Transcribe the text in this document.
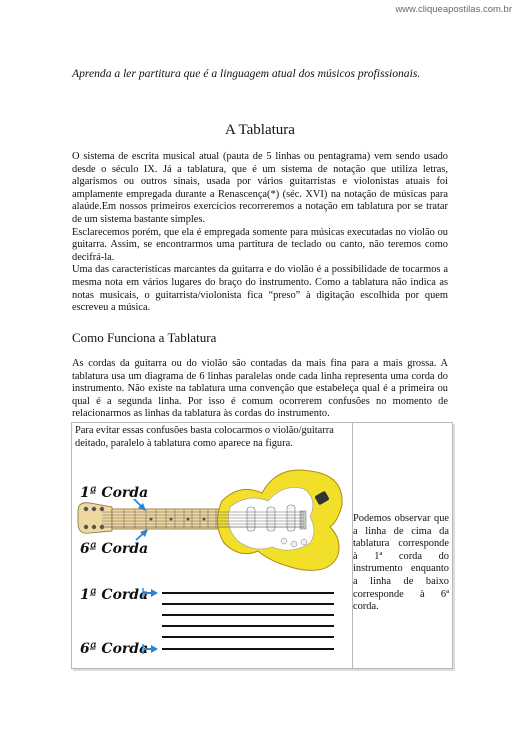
www.cliqueapostilas.com.br
Aprenda a ler partitura que é a linguagem atual dos músicos profissionais.
A Tablatura

O sistema de escrita musical atual (pauta de 5 linhas ou pentagrama) vem sendo usado desde o século IX. Já a tablatura, que é um sistema de notação que utiliza letras, algarismos ou outros sinais, usada por vários guitarristas e violonistas atuais foi amplamente empregada durante a Renascença(*) (séc. XVI) na notação de músicas para alaúde.Em nossos primeiros exercícios recorreremos a notação em tablatura por se tratar de um sistema bastante simples.

Esclarecemos porém, que ela é empregada somente para músicas executadas no violão ou guitarra. Assim, se encontrarmos uma partitura de teclado ou canto, não teremos como decifrá-la.

Uma das características marcantes da guitarra e do violão é a possibilidade de tocarmos a mesma nota em vários lugares do braço do instrumento. Como a tablatura não indica as notas musicais, o guitarrista/violonista fica “preso” à digitação escolhida por quem escreveu a música.

Como Funciona a Tablatura

As cordas da guitarra ou do violão são contadas da mais fina para a mais grossa. A tablatura usa um diagrama de 6 linhas paralelas onde cada linha representa uma corda do instrumento. Não existe na tablatura uma convenção que estabeleça qual é a primeira ou qual é a segunda linha. Por isso é comum ocorrerem confusões no momento de relacionarmos as linhas da tablatura às cordas do instrumento.

Para evitar essas confusões basta colocarmos o violão/guitarra deitado, paralelo à tablatura como aparece na figura.

1ª Corda
6ª Corda
1ª Corda
6ª Corda

Podemos observar que a linha de cima da tablatura corresponde à 1ª corda do instrumento enquanto a linha de baixo corresponde à 6ª corda.
